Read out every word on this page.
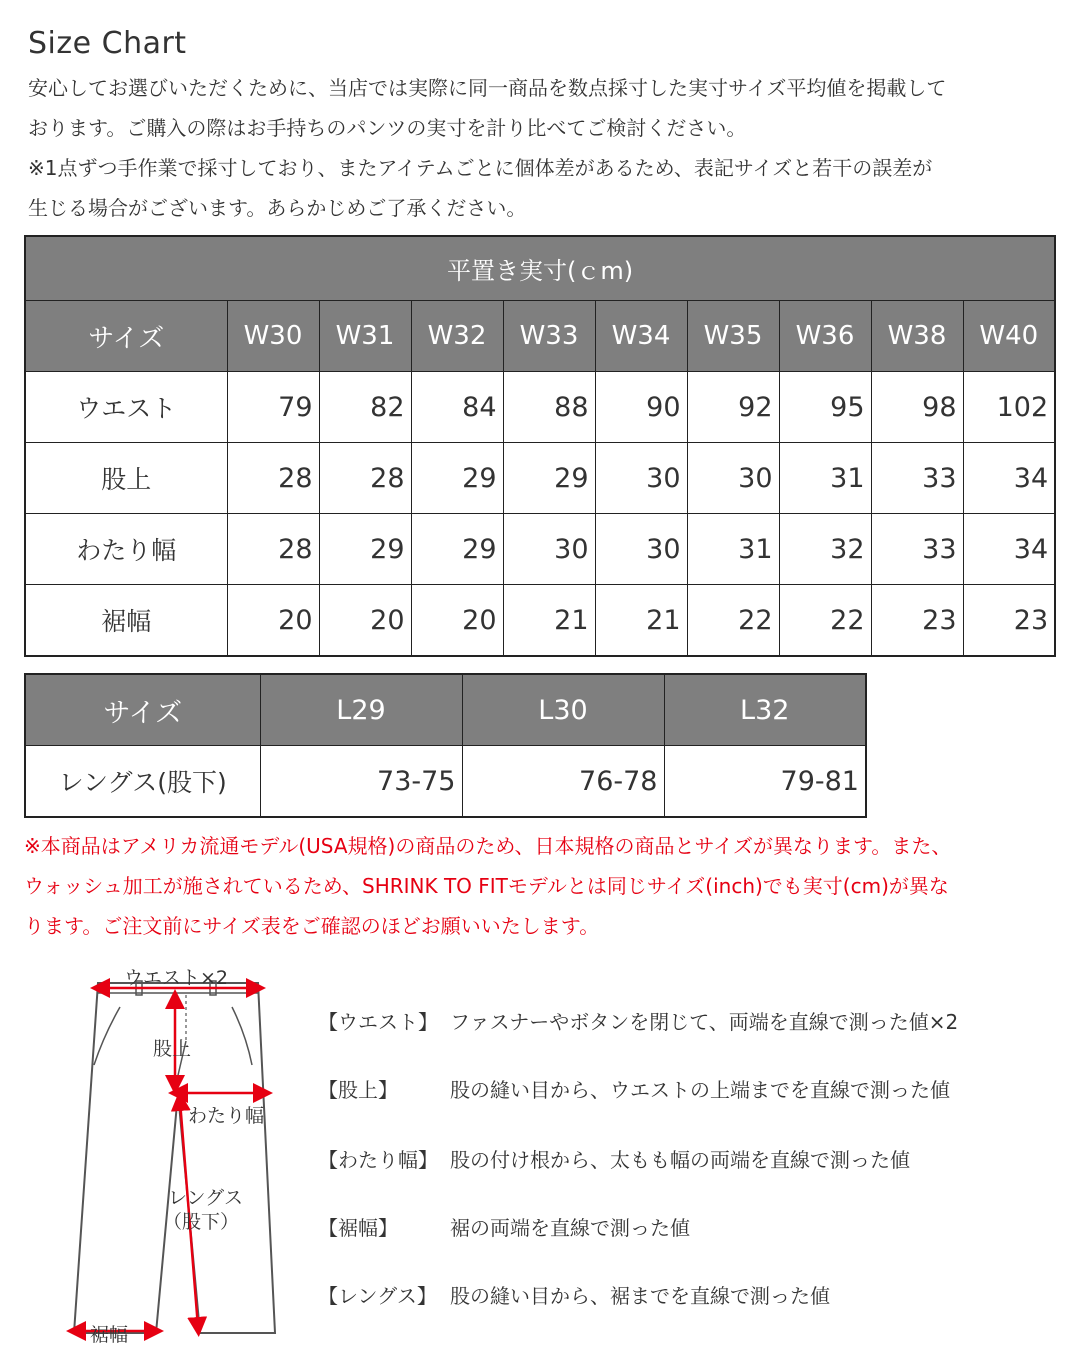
Size Chart

安心してお選びいただくために、当店では実際に同一商品を数点採寸した実寸サイズ平均値を掲載して

おります。ご購入の際はお手持ちのパンツの実寸を計り比べてご検討ください。

※1点ずつ手作業で採寸しており、またアイテムごとに個体差があるため、表記サイズと若干の誤差が

生じる場合がございます。あらかじめご了承ください。

平置き実寸(ｃm)									
サイズ	W30	W31	W32	W33	W34	W35	W36	W38	W40
ウエスト	79	82	84	88	90	92	95	98	102
股上	28	28	29	29	30	30	31	33	34
わたり幅	28	29	29	30	30	31	32	33	34
裾幅	20	20	20	21	21	22	22	23	23
サイズ	L29	L30	L32
レングス(股下)	73-75	76-78	79-81

※本商品はアメリカ流通モデル(USA規格)の商品のため、日本規格の商品とサイズが異なります。また、

ウォッシュ加工が施されているため、SHRINK TO FITモデルとは同じサイズ(inch)でも実寸(cm)が異な

ります。ご注文前にサイズ表をご確認のほどお願いいたします。

ウエスト×2
股上
わたり幅
レングス
（股下）
裾幅
【ウエスト】 ファスナーやボタンを閉じて、両端を直線で測った値×2
【股上】	股の縫い目から、ウエストの上端までを直線で測った値
【わたり幅】 股の付け根から、太もも幅の両端を直線で測った値
【裾幅】	裾の両端を直線で測った値
【レングス】 股の縫い目から、裾までを直線で測った値
